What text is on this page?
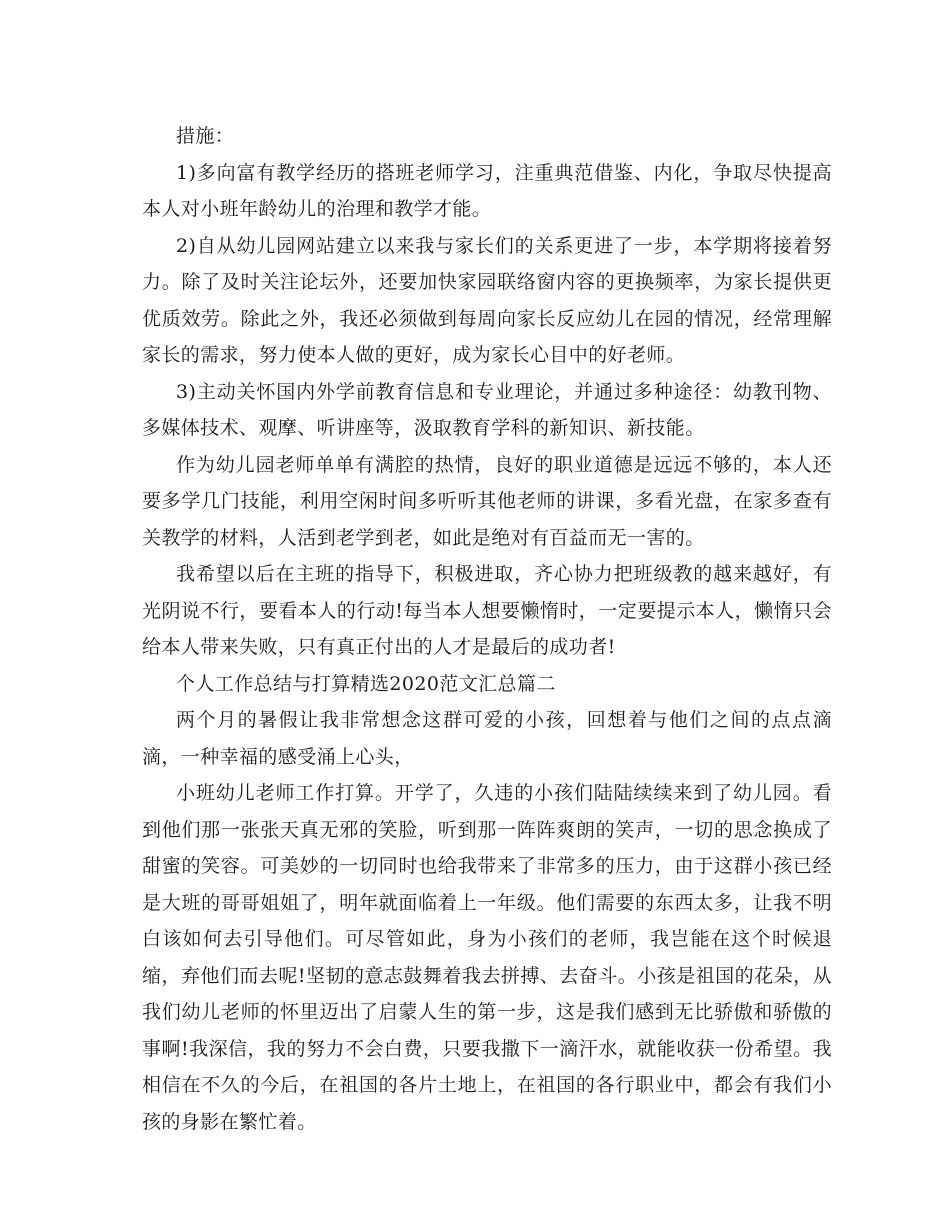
措施：

1)多向富有教学经历的搭班老师学习，注重典范借鉴、内化，争取尽快提高本人对小班年龄幼儿的治理和教学才能。

2)自从幼儿园网站建立以来我与家长们的关系更进了一步，本学期将接着努力。除了及时关注论坛外，还要加快家园联络窗内容的更换频率，为家长提供更优质效劳。除此之外，我还必须做到每周向家长反应幼儿在园的情况，经常理解家长的需求，努力使本人做的更好，成为家长心目中的好老师。

3)主动关怀国内外学前教育信息和专业理论，并通过多种途径：幼教刊物、多媒体技术、观摩、听讲座等，汲取教育学科的新知识、新技能。

作为幼儿园老师单单有满腔的热情，良好的职业道德是远远不够的，本人还要多学几门技能，利用空闲时间多听听其他老师的讲课，多看光盘，在家多查有关教学的材料，人活到老学到老，如此是绝对有百益而无一害的。

我希望以后在主班的指导下，积极进取，齐心协力把班级教的越来越好，有光阴说不行，要看本人的行动!每当本人想要懒惰时，一定要提示本人，懒惰只会给本人带来失败，只有真正付出的人才是最后的成功者!

个人工作总结与打算精选2020范文汇总篇二

两个月的暑假让我非常想念这群可爱的小孩，回想着与他们之间的点点滴滴，一种幸福的感受涌上心头，

小班幼儿老师工作打算。开学了，久违的小孩们陆陆续续来到了幼儿园。看到他们那一张张天真无邪的笑脸，听到那一阵阵爽朗的笑声，一切的思念换成了甜蜜的笑容。可美妙的一切同时也给我带来了非常多的压力，由于这群小孩已经是大班的哥哥姐姐了，明年就面临着上一年级。他们需要的东西太多，让我不明白该如何去引导他们。可尽管如此，身为小孩们的老师，我岂能在这个时候退缩，弃他们而去呢!坚韧的意志鼓舞着我去拼搏、去奋斗。小孩是祖国的花朵，从我们幼儿老师的怀里迈出了启蒙人生的第一步，这是我们感到无比骄傲和骄傲的事啊!我深信，我的努力不会白费，只要我撒下一滴汗水，就能收获一份希望。我相信在不久的今后，在祖国的各片土地上，在祖国的各行职业中，都会有我们小孩的身影在繁忙着。
